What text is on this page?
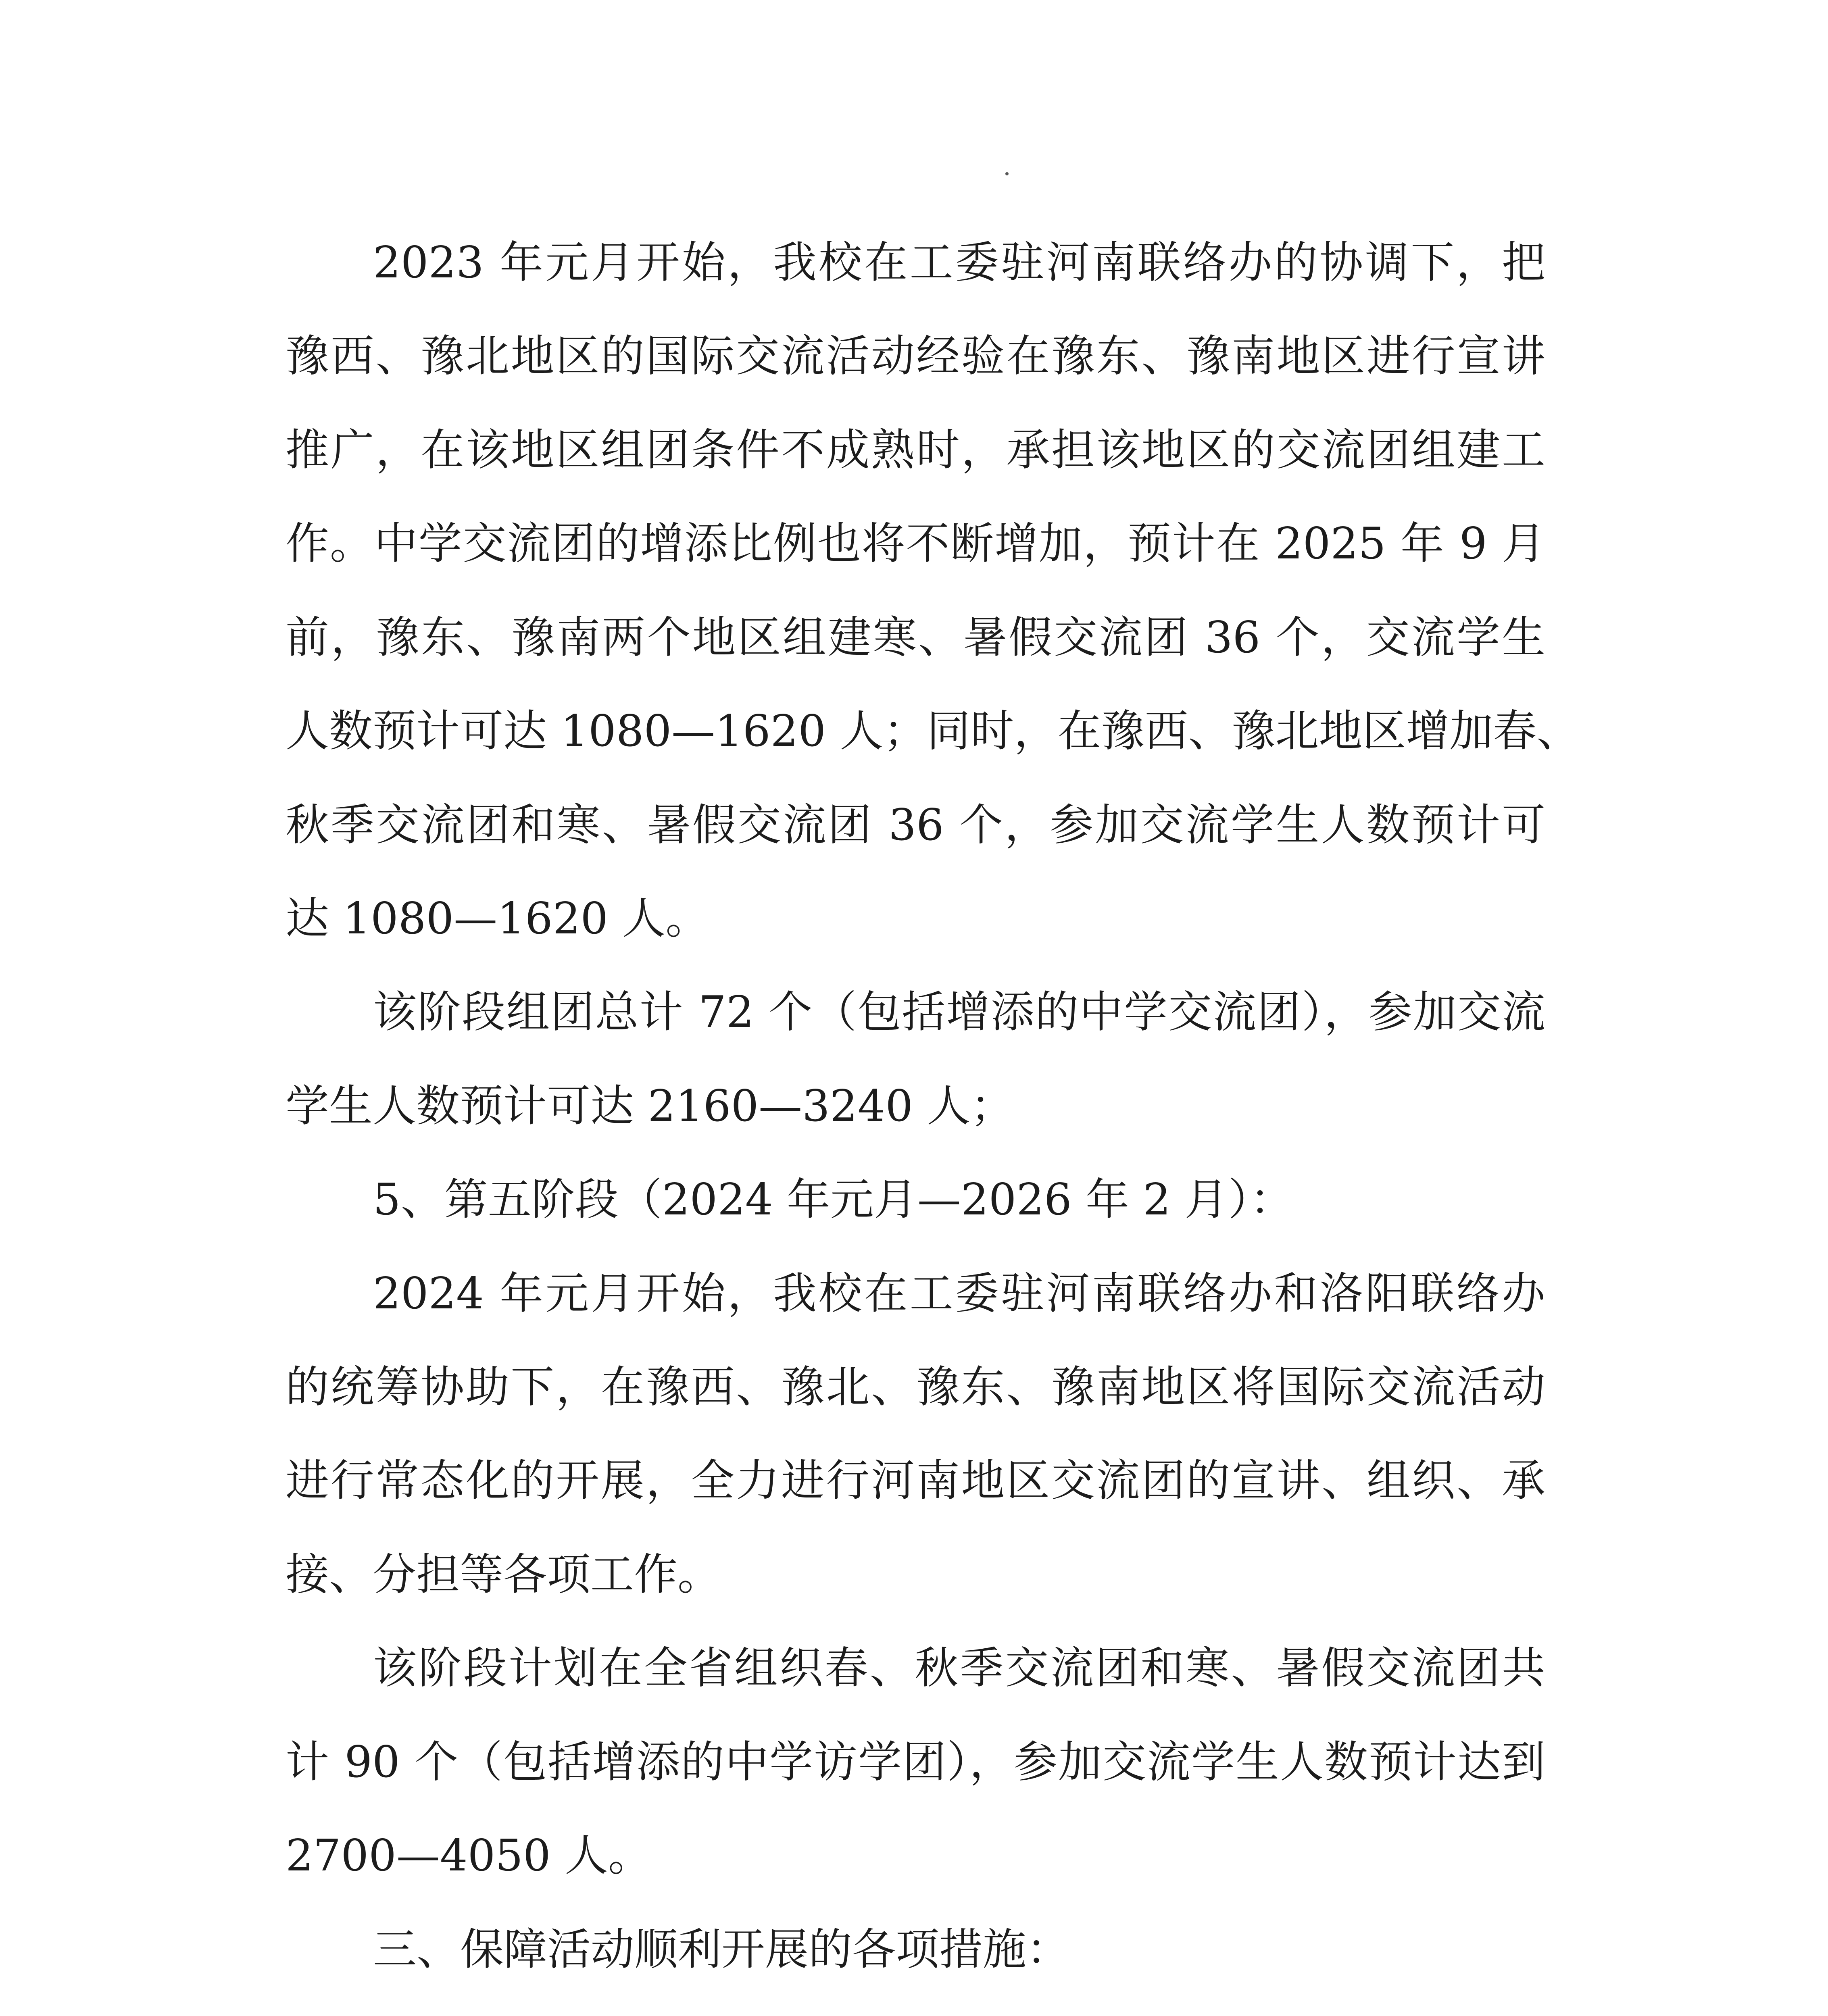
2023 年元月开始，我校在工委驻河南联络办的协调下，把

豫西、豫北地区的国际交流活动经验在豫东、豫南地区进行宣讲

推广，在该地区组团条件不成熟时，承担该地区的交流团组建工

作。中学交流团的增添比例也将不断增加，预计在 2025 年 9 月

前，豫东、豫南两个地区组建寒、暑假交流团 36 个，交流学生

人数预计可达 1080—1620 人；同时，在豫西、豫北地区增加春、

秋季交流团和寒、暑假交流团 36 个，参加交流学生人数预计可

达 1080—1620 人。

该阶段组团总计 72 个（包括增添的中学交流团），参加交流

学生人数预计可达 2160—3240 人；

5、第五阶段（2024 年元月—2026 年 2 月）：

2024 年元月开始，我校在工委驻河南联络办和洛阳联络办

的统筹协助下，在豫西、豫北、豫东、豫南地区将国际交流活动

进行常态化的开展，全力进行河南地区交流团的宣讲、组织、承

接、分担等各项工作。

该阶段计划在全省组织春、秋季交流团和寒、暑假交流团共

计 90 个（包括增添的中学访学团），参加交流学生人数预计达到

2700—4050 人。

三、保障活动顺利开展的各项措施：
